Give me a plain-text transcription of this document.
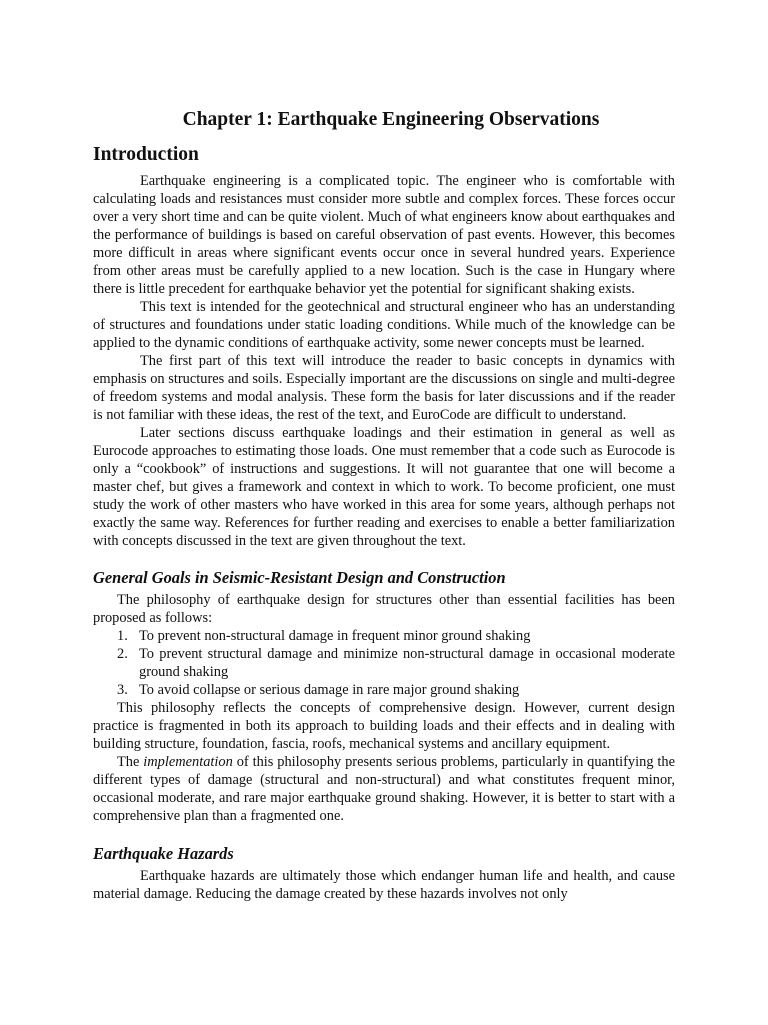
Chapter 1: Earthquake Engineering Observations
Introduction

Earthquake engineering is a complicated topic. The engineer who is comfortable with calculating loads and resistances must consider more subtle and complex forces. These forces occur over a very short time and can be quite violent. Much of what engineers know about earthquakes and the performance of buildings is based on careful observation of past events. However, this becomes more difficult in areas where significant events occur once in several hundred years. Experience from other areas must be carefully applied to a new location. Such is the case in Hungary where there is little precedent for earthquake behavior yet the potential for significant shaking exists.

This text is intended for the geotechnical and structural engineer who has an understanding of structures and foundations under static loading conditions. While much of the knowledge can be applied to the dynamic conditions of earthquake activity, some newer concepts must be learned.

The first part of this text will introduce the reader to basic concepts in dynamics with emphasis on structures and soils. Especially important are the discussions on single and multi-degree of freedom systems and modal analysis. These form the basis for later discussions and if the reader is not familiar with these ideas, the rest of the text, and EuroCode are difficult to understand.

Later sections discuss earthquake loadings and their estimation in general as well as Eurocode approaches to estimating those loads. One must remember that a code such as Eurocode is only a “cookbook” of instructions and suggestions. It will not guarantee that one will become a master chef, but gives a framework and context in which to work. To become proficient, one must study the work of other masters who have worked in this area for some years, although perhaps not exactly the same way. References for further reading and exercises to enable a better familiarization with concepts discussed in the text are given throughout the text.

General Goals in Seismic-Resistant Design and Construction

The philosophy of earthquake design for structures other than essential facilities has been proposed as follows:

1. To prevent non-structural damage in frequent minor ground shaking
2. To prevent structural damage and minimize non-structural damage in occasional moderate ground shaking
3. To avoid collapse or serious damage in rare major ground shaking

This philosophy reflects the concepts of comprehensive design. However, current design practice is fragmented in both its approach to building loads and their effects and in dealing with building structure, foundation, fascia, roofs, mechanical systems and ancillary equipment.

The implementation of this philosophy presents serious problems, particularly in quantifying the different types of damage (structural and non-structural) and what constitutes frequent minor, occasional moderate, and rare major earthquake ground shaking. However, it is better to start with a comprehensive plan than a fragmented one.

Earthquake Hazards

Earthquake hazards are ultimately those which endanger human life and health, and cause material damage. Reducing the damage created by these hazards involves not only
